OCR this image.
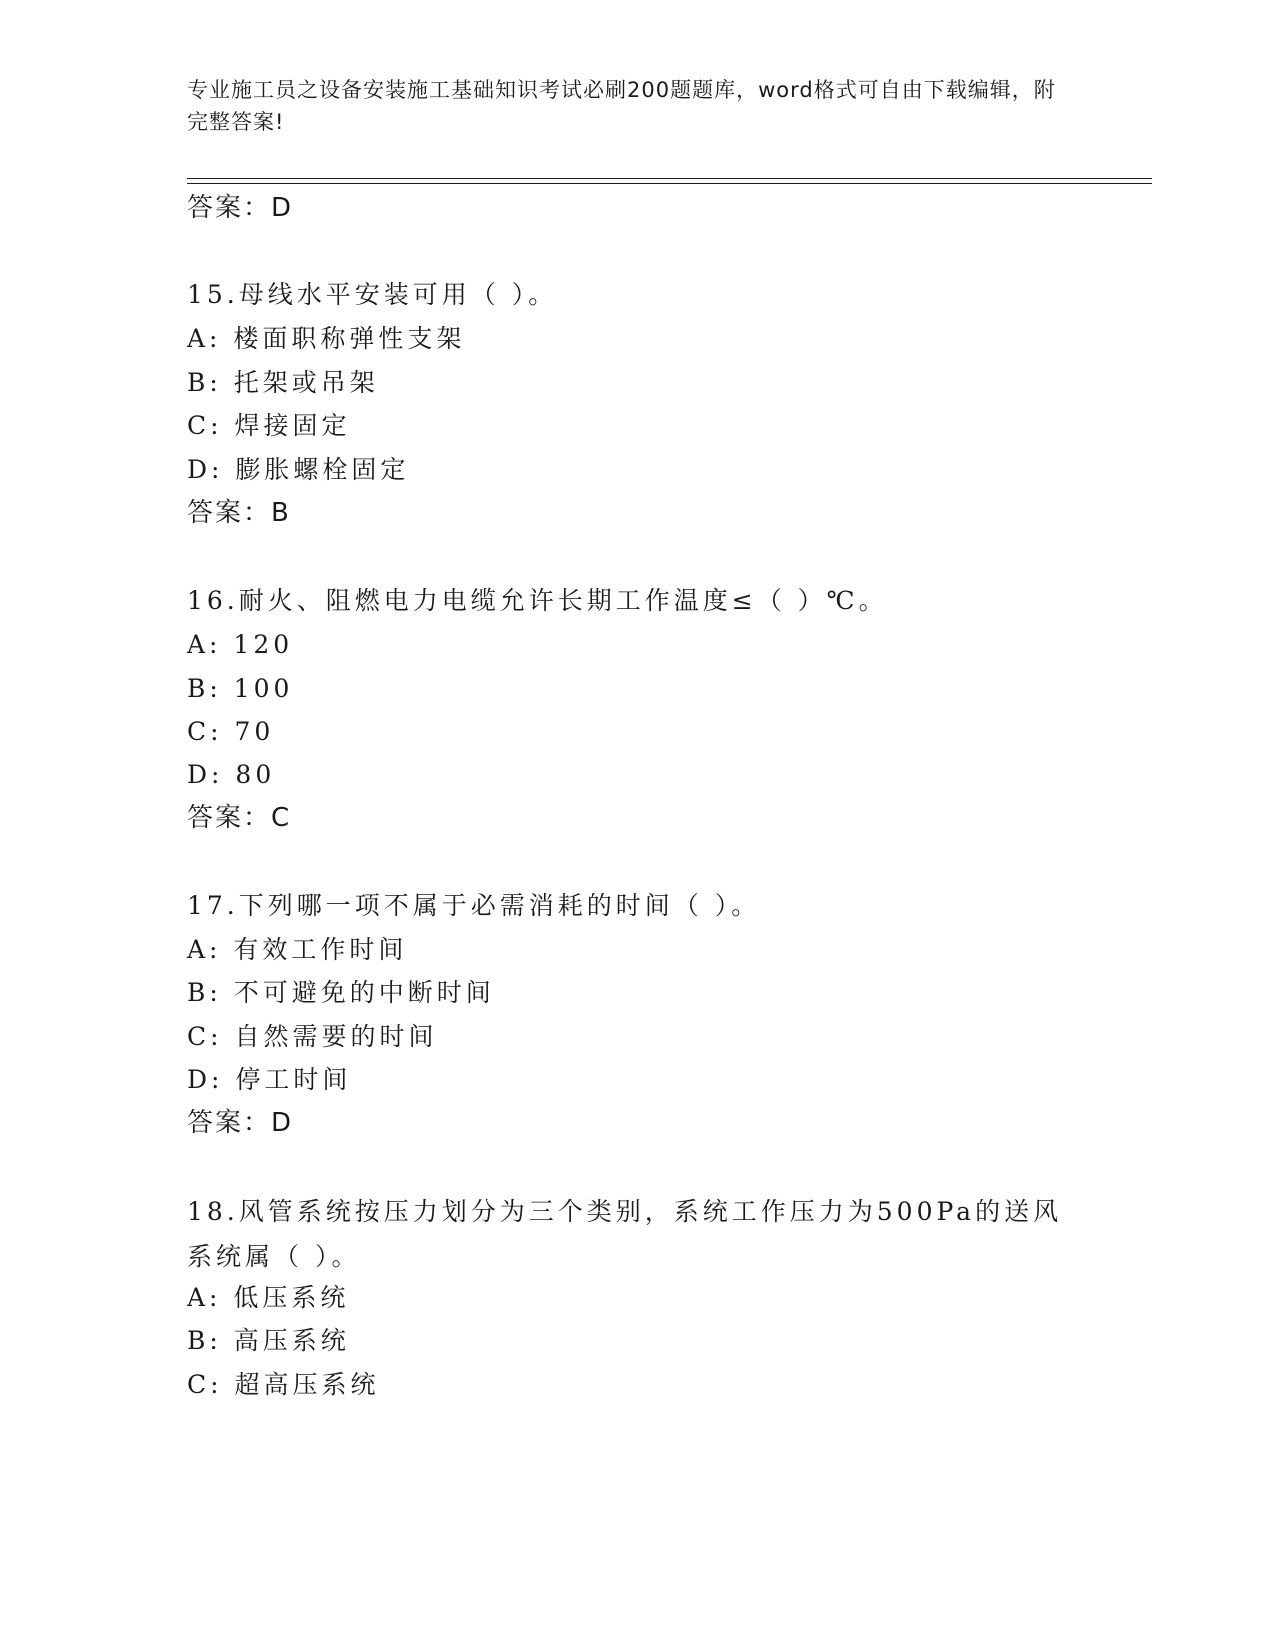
专业施工员之设备安装施工基础知识考试必刷200题题库，word格式可自由下载编辑，附完整答案!

答案：D
15.母线水平安装可用（ ）。
A: 楼面职称弹性支架
B: 托架或吊架
C: 焊接固定
D: 膨胀螺栓固定
答案：B
16.耐火、阻燃电力电缆允许长期工作温度≤（ ）℃。
A: 120
B: 100
C: 70
D: 80
答案：C
17.下列哪一项不属于必需消耗的时间（ ）。
A: 有效工作时间
B: 不可避免的中断时间
C: 自然需要的时间
D: 停工时间
答案：D
18.风管系统按压力划分为三个类别，系统工作压力为500Pa的送风系统属（ ）。
A: 低压系统
B: 高压系统
C: 超高压系统
